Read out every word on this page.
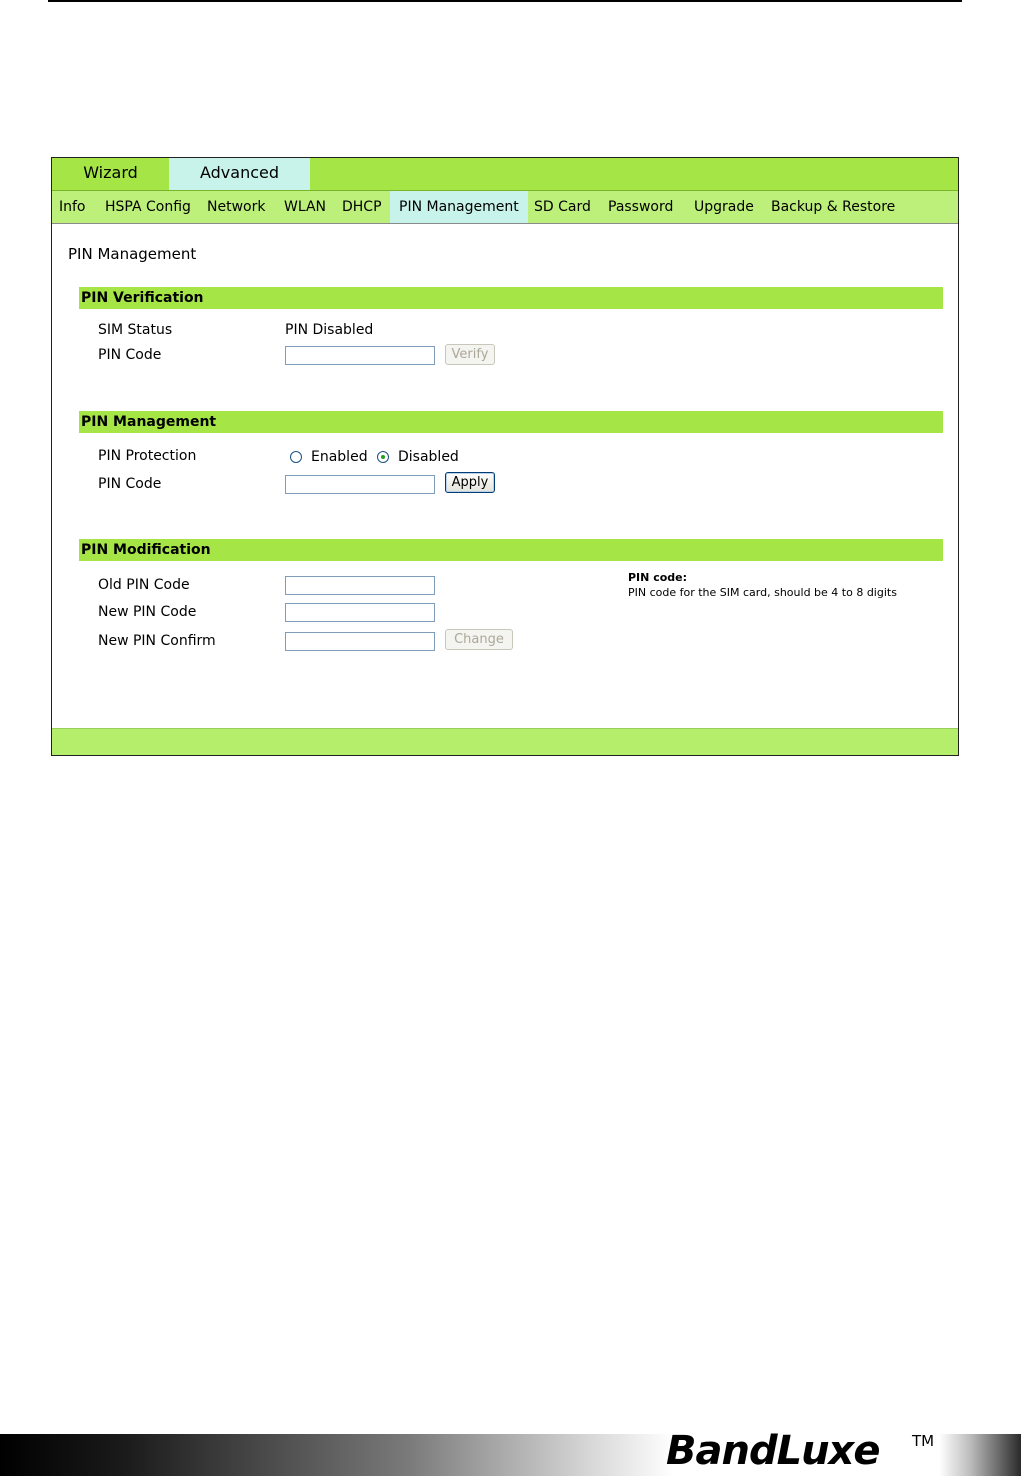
Wizard	Advanced
Info HSPA Config Network WLAN DHCP	PIN Management	SD Card Password Upgrade Backup & Restore
PIN Management
PIN Verification
SIM Status	PIN Disabled
PIN Code	Verify
PIN Management
PIN Protection	Enabled Disabled
PIN Code	Apply
PIN Modification
Old PIN Code
New PIN Code
New PIN Confirm	Change
PIN code:
PIN code for the SIM card, should be 4 to 8 digits
BandLuxe TM
